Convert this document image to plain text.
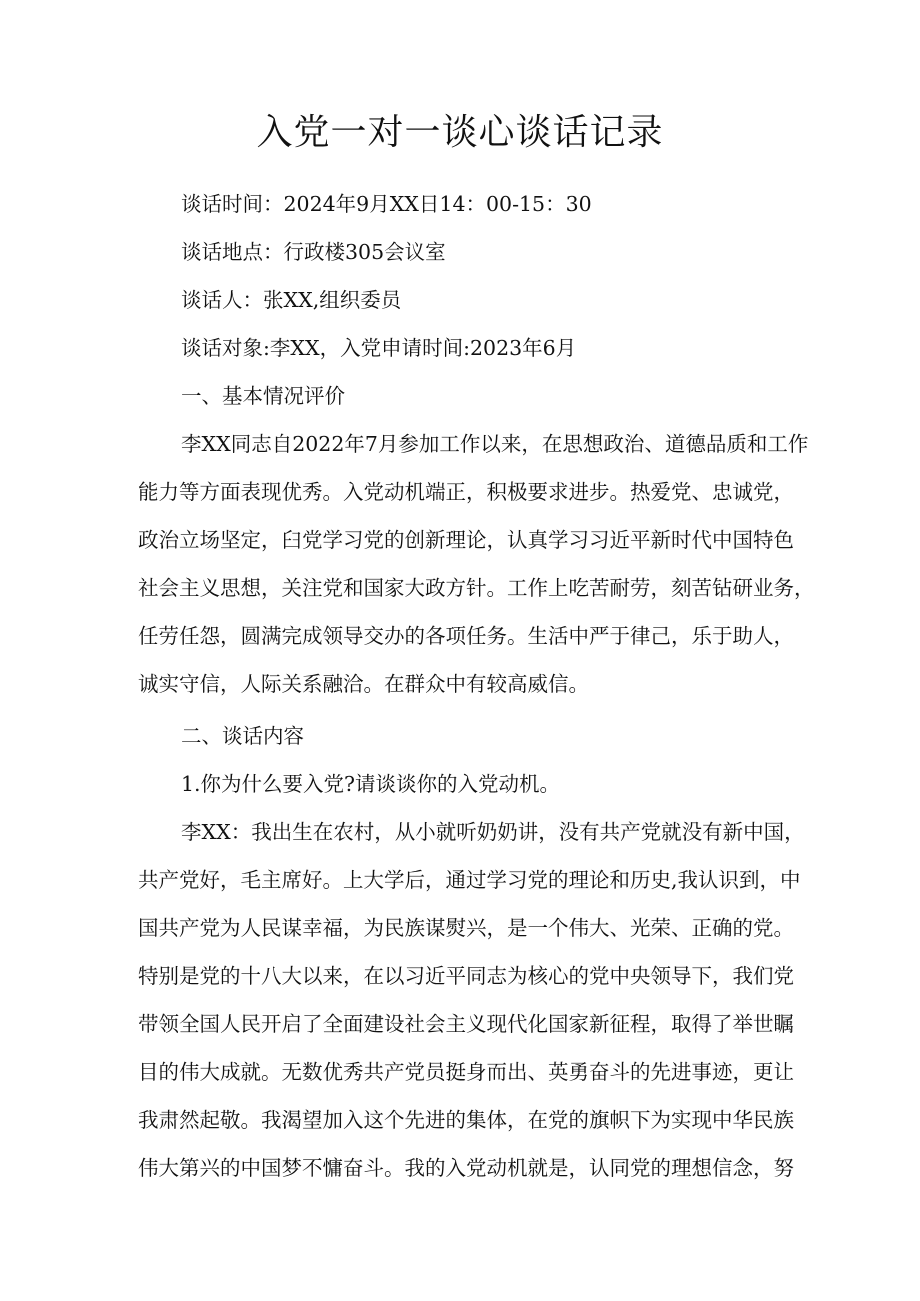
入党一对一谈心谈话记录

谈话时间：2024年9月XX日14：00-15：30

谈话地点：行政楼305会议室

谈话人：张XX,组织委员

谈话对象:李XX，入党申请时间:2023年6月

一、基本情况评价

李XX同志自2022年7月参加工作以来，在思想政治、道德品质和工作

能力等方面表现优秀。入党动机端正，积极要求进步。热爱党、忠诚党，

政治立场坚定，臼党学习党的创新理论，认真学习习近平新时代中国特色

社会主义思想，关注党和国家大政方针。工作上吃苦耐劳，刻苦钻研业务，

任劳任怨，圆满完成领导交办的各项任务。生活中严于律己，乐于助人，

诚实守信，人际关系融洽。在群众中有较高威信。

二、谈话内容

1.你为什么要入党?请谈谈你的入党动机。

李XX：我出生在农村，从小就听奶奶讲，没有共产党就没有新中国，

共产党好，毛主席好。上大学后，通过学习党的理论和历史,我认识到，中

国共产党为人民谋幸福，为民族谋熨兴，是一个伟大、光荣、正确的党。

特别是党的十八大以来，在以习近平同志为核心的党中央领导下，我们党

带领全国人民开启了全面建设社会主义现代化国家新征程，取得了举世瞩

目的伟大成就。无数优秀共产党员挺身而出、英勇奋斗的先进事迹，更让

我肃然起敬。我渴望加入这个先进的集体，在党的旗帜下为实现中华民族

伟大第兴的中国梦不慵奋斗。我的入党动机就是，认同党的理想信念，努
